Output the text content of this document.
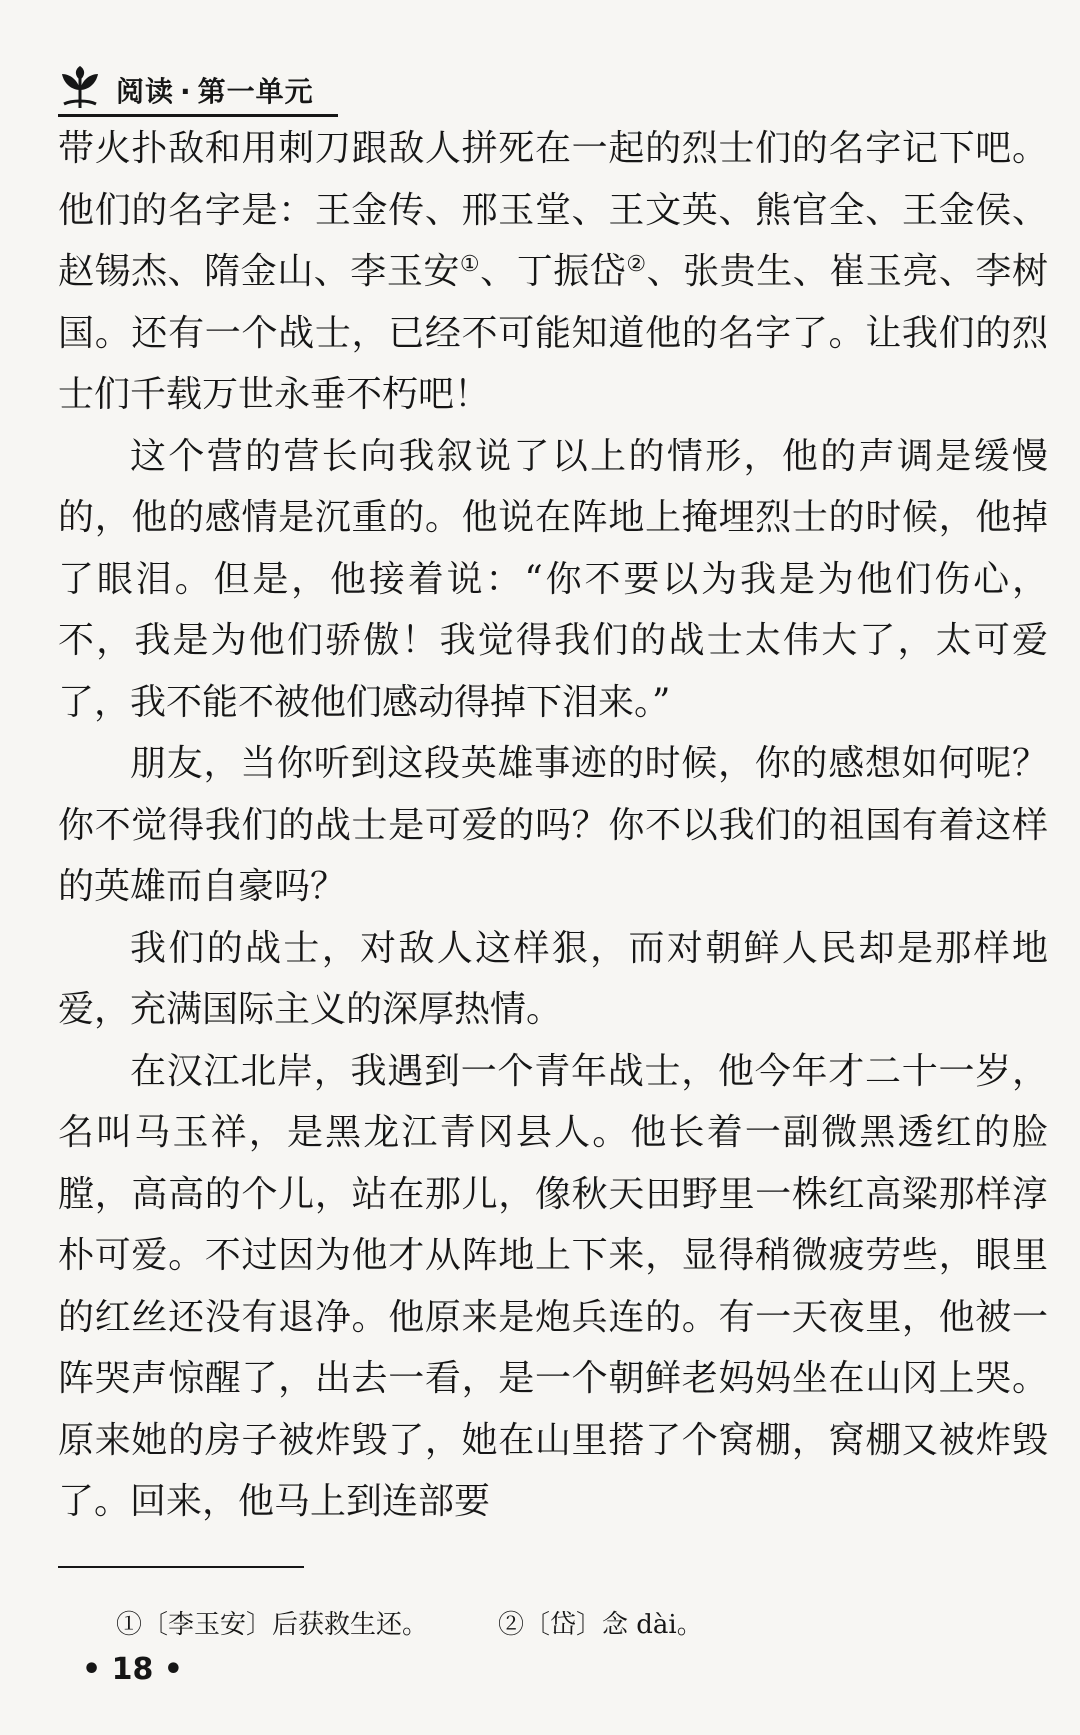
阅读 · 第一单元

带火扑敌和用刺刀跟敌人拼死在一起的烈士们的名字记下吧。他们的名字是：王金传、邢玉堂、王文英、熊官全、王金侯、赵锡杰、隋金山、李玉安①、丁振岱②、张贵生、崔玉亮、李树国。还有一个战士，已经不可能知道他的名字了。让我们的烈士们千载万世永垂不朽吧！

这个营的营长向我叙说了以上的情形，他的声调是缓慢的，他的感情是沉重的。他说在阵地上掩埋烈士的时候，他掉了眼泪。但是，他接着说：“你不要以为我是为他们伤心，不，我是为他们骄傲！我觉得我们的战士太伟大了，太可爱了，我不能不被他们感动得掉下泪来。”

朋友，当你听到这段英雄事迹的时候，你的感想如何呢？你不觉得我们的战士是可爱的吗？你不以我们的祖国有着这样的英雄而自豪吗？

我们的战士，对敌人这样狠，而对朝鲜人民却是那样地爱，充满国际主义的深厚热情。

在汉江北岸，我遇到一个青年战士，他今年才二十一岁，名叫马玉祥，是黑龙江青冈县人。他长着一副微黑透红的脸膛，高高的个儿，站在那儿，像秋天田野里一株红高粱那样淳朴可爱。不过因为他才从阵地上下来，显得稍微疲劳些，眼里的红丝还没有退净。他原来是炮兵连的。有一天夜里，他被一阵哭声惊醒了，出去一看，是一个朝鲜老妈妈坐在山冈上哭。原来她的房子被炸毁了，她在山里搭了个窝棚，窝棚又被炸毁了。回来，他马上到连部要

①〔李玉安〕后获救生还。	②〔岱〕念 dài。
• 18 •
